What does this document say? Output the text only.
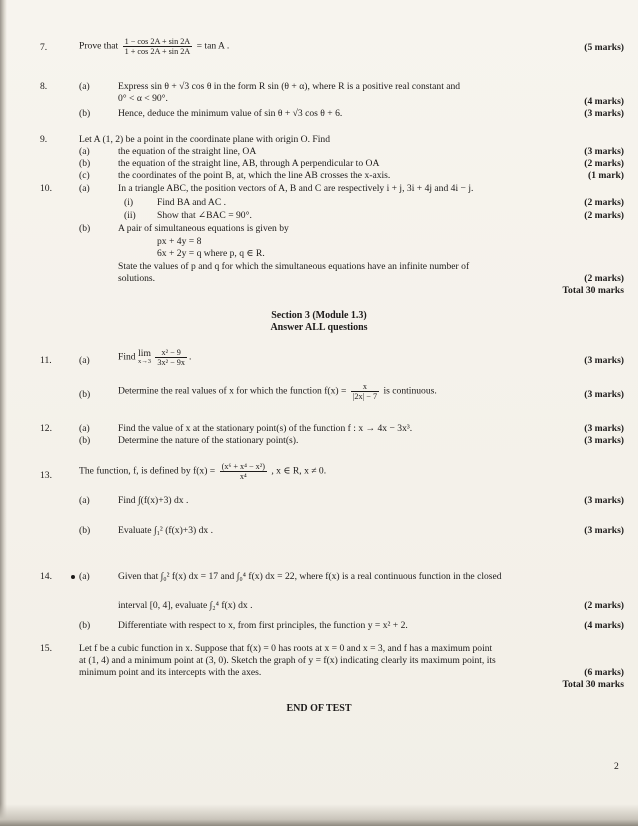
7.	Prove that $\frac{1 - \cos 2A + \sin 2A}{1 + \cos 2A + \sin 2A} = \tan A$ .	(5 marks)
8.	(a)	Express sin θ + √3 cos θ in the form R sin (θ + α), where R is a positive real constant and
0° < α < 90°.	(4 marks)
(b)	Hence, deduce the minimum value of sin θ + √3 cos θ + 6.	(3 marks)
9.	Let A (1, 2) be a point in the coordinate plane with origin O. Find
(a)	the equation of the straight line, OA	(3 marks)
(b)	the equation of the straight line, AB, through A perpendicular to OA	(2 marks)
(c)	the coordinates of the point B, at, which the line AB crosses the x-axis.	(1 mark)
10.	(a)	In a triangle ABC, the position vectors of A, B and C are respectively i + j, 3i + 4j and 4i − j.
(i) Find BA and AC .	(2 marks)
(ii) Show that ∠BAC = 90°.	(2 marks)
(b)	A pair of simultaneous equations is given by
px + 4y = 8
6x + 2y = q where p, q ∈ R.
State the values of p and q for which the simultaneous equations have an infinite number of
solutions.	(2 marks)
Total 30 marks
Section 3 (Module 1.3)
Answer ALL questions
11.	(a)	Find lim
x→3
$\frac{\text{x² − 9}}{\text{3x² − 9x}}$ .	(3 marks)
(b)	Determine the real values of x for which the function $f(x) = \frac{x}{|2x| - 7}$ is continuous.	(3 marks)
12.	(a)	Find the value of x at the stationary point(s) of the function f : x → 4x − 3x³.	(3 marks)
(b)	Determine the nature of the stationary point(s).	(3 marks)
13.	The function, f, is defined by $f(x) = \frac{\text{(x⁶ + x⁴ − x²)}}{\text{x⁴}}$ , x ∈ R, x ≠ 0.
(a)	Find ∫(f(x)+3) dx .	(3 marks)
(b)	Evaluate ∫₁² (f(x)+3) dx .	(3 marks)
14.	(a)	Given that ∫₀² f(x) dx = 17 and ∫₀⁴ f(x) dx = 22, where f(x) is a real continuous function in the closed
interval [0, 4], evaluate ∫₂⁴ f(x) dx .	(2 marks)
(b)	Differentiate with respect to x, from first principles, the function y = x² + 2.	(4 marks)
15.	Let f be a cubic function in x. Suppose that f(x) = 0 has roots at x = 0 and x = 3, and f has a maximum point
at (1, 4) and a minimum point at (3, 0). Sketch the graph of y = f(x) indicating clearly its maximum point, its
minimum point and its intercepts with the axes.	(6 marks)
Total 30 marks
END OF TEST
2
